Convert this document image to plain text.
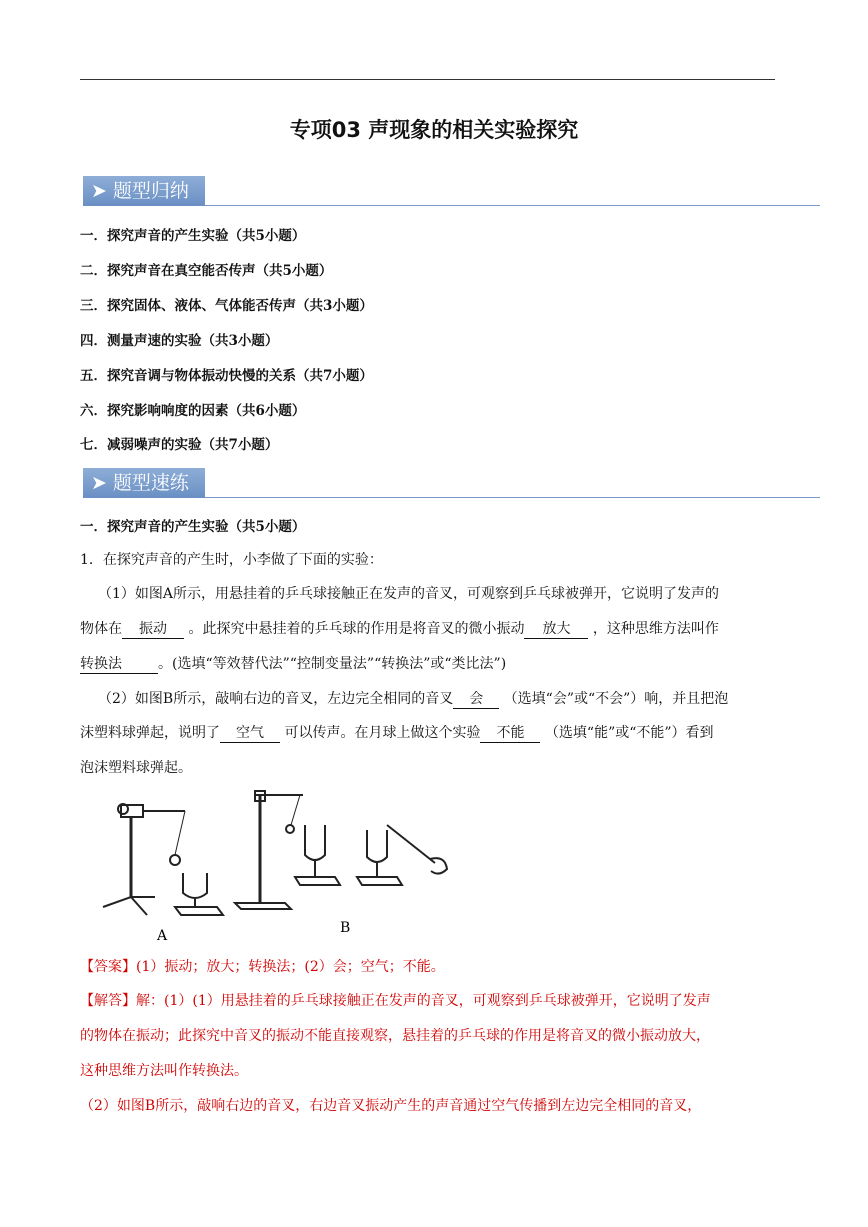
专项03 声现象的相关实验探究
➤ 题型归纳
一．探究声音的产生实验（共5小题）
二．探究声音在真空能否传声（共5小题）
三．探究固体、液体、气体能否传声（共3小题）
四．测量声速的实验（共3小题）
五．探究音调与物体振动快慢的关系（共7小题）
六．探究影响响度的因素（共6小题）
七．减弱噪声的实验（共7小题）
➤ 题型速练
一．探究声音的产生实验（共5小题）
1．在探究声音的产生时，小李做了下面的实验：
（1）如图A所示，用悬挂着的乒乓球接触正在发声的音叉，可观察到乒乓球被弹开，它说明了发声的
物体在 振动 。此探究中悬挂着的乒乓球的作用是将音叉的微小振动 放大 ，这种思维方法叫作
转换法	。(选填“等效替代法”“控制变量法”“转换法”或“类比法”)
（2）如图B所示，敲响右边的音叉，左边完全相同的音叉 会 （选填“会”或“不会”）响，并且把泡
沫塑料球弹起，说明了 空气 可以传声。在月球上做这个实验 不能 （选填“能”或“不能”）看到
泡沫塑料球弹起。
A	B
【答案】(1）振动；放大；转换法；(2）会；空气；不能。
【解答】解：(1）(1）用悬挂着的乒乓球接触正在发声的音叉，可观察到乒乓球被弹开，它说明了发声
的物体在振动；此探究中音叉的振动不能直接观察，悬挂着的乒乓球的作用是将音叉的微小振动放大，
这种思维方法叫作转换法。
（2）如图B所示，敲响右边的音叉，右边音叉振动产生的声音通过空气传播到左边完全相同的音叉，
